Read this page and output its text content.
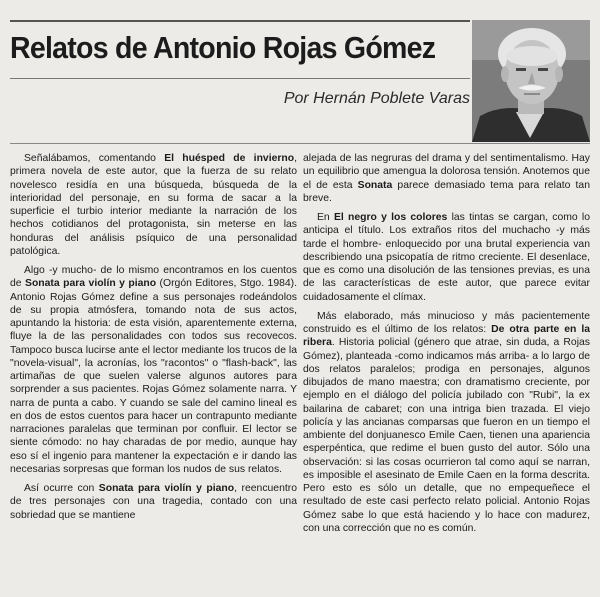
Relatos de Antonio Rojas Gómez
Por Hernán Poblete Varas

Señalábamos, comentando El huésped de invierno, primera novela de este autor, que la fuerza de su relato novelesco residía en una búsqueda, búsqueda de la interioridad del personaje, en su forma de sacar a la superficie el turbio interior mediante la narración de los hechos cotidianos del protagonista, sin meterse en las honduras del análisis psíquico de una personalidad patológica.

Algo -y mucho- de lo mismo encontramos en los cuentos de Sonata para violín y piano (Orgón Editores, Stgo. 1984). Antonio Rojas Gómez define a sus personajes rodeándolos de su propia atmósfera, tomando nota de sus actos, apuntando la historia: de esta visión, aparentemente externa, fluye la de las personalidades con todos sus recovecos. Tampoco busca lucirse ante el lector mediante los trucos de la "novela-visual", la acronías, los "racontos" o "flash-back", las artimañas de que suelen valerse algunos autores para sorprender a sus pacientes. Rojas Gómez solamente narra. Y narra de punta a cabo. Y cuando se sale del camino lineal es en dos de estos cuentos para hacer un contrapunto mediante narraciones paralelas que terminan por confluir. El lector se siente cómodo: no hay charadas de por medio, aunque hay eso sí el ingenio para mantener la expectación e ir dando las necesarias sorpresas que forman los nudos de sus relatos.

Así ocurre con Sonata para violín y piano, reencuentro de tres personajes con una tragedia, contado con una sobriedad que se mantiene

alejada de las negruras del drama y del sentimentalismo. Hay un equilibrio que amengua la dolorosa tensión. Anotemos que el de esta Sonata parece demasiado tema para relato tan breve.

En El negro y los colores las tintas se cargan, como lo anticipa el título. Los extraños ritos del muchacho -y más tarde el hombre- enloquecido por una brutal experiencia van describiendo una psicopatía de ritmo creciente. El desenlace, que es como una disolución de las tensiones previas, es una de las características de este autor, que parece evitar cuidadosamente el clímax.

Más elaborado, más minucioso y más pacientemente construido es el último de los relatos: De otra parte en la ribera. Historia policial (género que atrae, sin duda, a Rojas Gómez), planteada -como indicamos más arriba- a lo largo de dos relatos paralelos; prodiga en personajes, algunos dibujados de mano maestra; con dramatismo creciente, por ejemplo en el diálogo del policía jubilado con "Rubi", la ex bailarina de cabaret; con una intriga bien trazada. El viejo policía y las ancianas comparsas que fueron en un tiempo el ambiente del donjuanesco Emile Caen, tienen una apariencia esperpéntica, que redime el buen gusto del autor. Sólo una observación: si las cosas ocurrieron tal como aquí se narran, es imposible el asesinato de Emile Caen en la forma descrita. Pero esto es sólo un detalle, que no empequeñece el resultado de este casi perfecto relato policial. Antonio Rojas Gómez sabe lo que está haciendo y lo hace con madurez, con una corrección que no es común.
